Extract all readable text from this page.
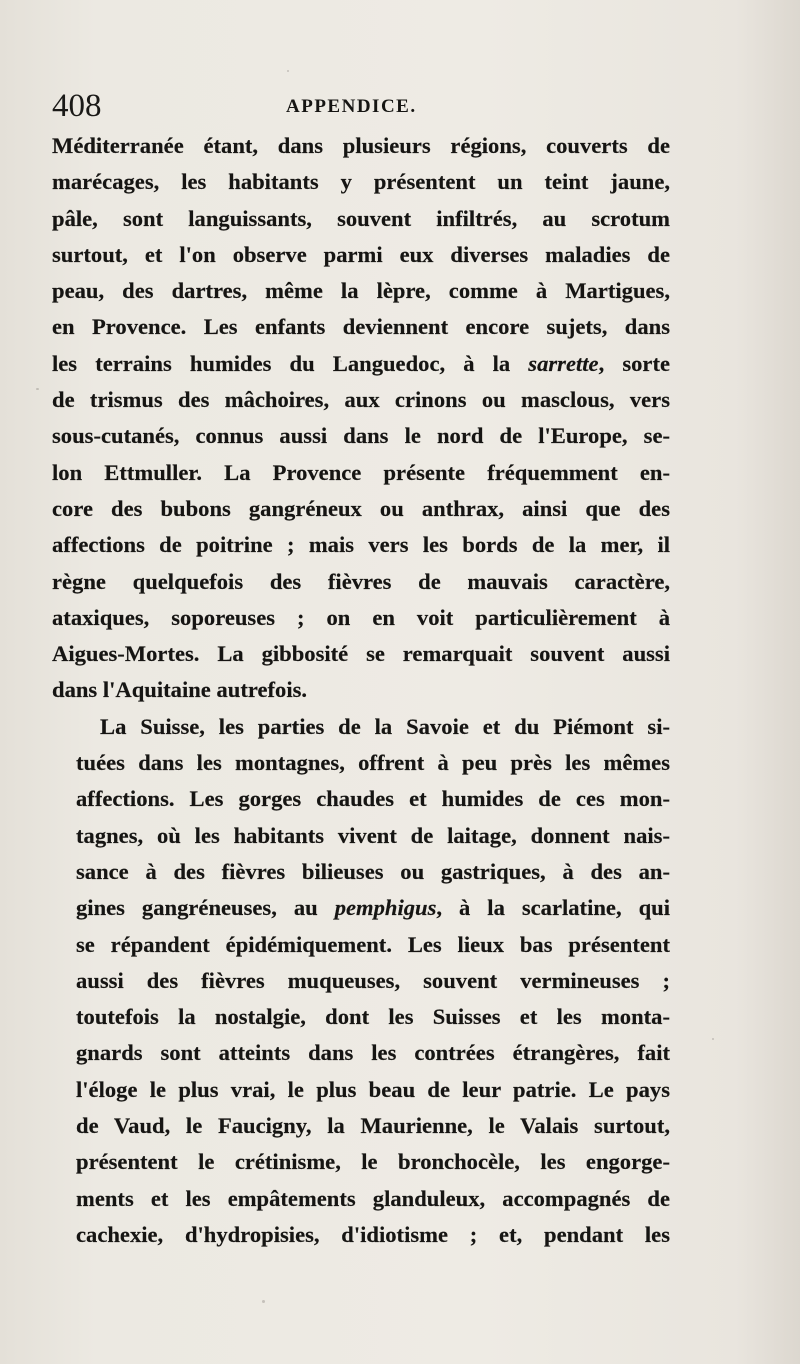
408	APPENDICE.

Méditerranée étant, dans plusieurs régions, couverts de
marécages, les habitants y présentent un teint jaune,
pâle, sont languissants, souvent infiltrés, au scrotum
surtout, et l'on observe parmi eux diverses maladies de
peau, des dartres, même la lèpre, comme à Martigues,
en Provence. Les enfants deviennent encore sujets, dans
les terrains humides du Languedoc, à la sarrette, sorte
de trismus des mâchoires, aux crinons ou masclous, vers
sous-cutanés, connus aussi dans le nord de l'Europe, se-
lon Ettmuller. La Provence présente fréquemment en-
core des bubons gangréneux ou anthrax, ainsi que des
affections de poitrine ; mais vers les bords de la mer, il
règne quelquefois des fièvres de mauvais caractère,
ataxiques, soporeuses ; on en voit particulièrement à
Aigues-Mortes. La gibbosité se remarquait souvent aussi
dans l'Aquitaine autrefois.

La Suisse, les parties de la Savoie et du Piémont si-
tuées dans les montagnes, offrent à peu près les mêmes
affections. Les gorges chaudes et humides de ces mon-
tagnes, où les habitants vivent de laitage, donnent nais-
sance à des fièvres bilieuses ou gastriques, à des an-
gines gangréneuses, au pemphigus, à la scarlatine, qui
se répandent épidémiquement. Les lieux bas présentent
aussi des fièvres muqueuses, souvent vermineuses ;
toutefois la nostalgie, dont les Suisses et les monta-
gnards sont atteints dans les contrées étrangères, fait
l'éloge le plus vrai, le plus beau de leur patrie. Le pays
de Vaud, le Faucigny, la Maurienne, le Valais surtout,
présentent le crétinisme, le bronchocèle, les engorge-
ments et les empâtements glanduleux, accompagnés de
cachexie, d'hydropisies, d'idiotisme ; et, pendant les
